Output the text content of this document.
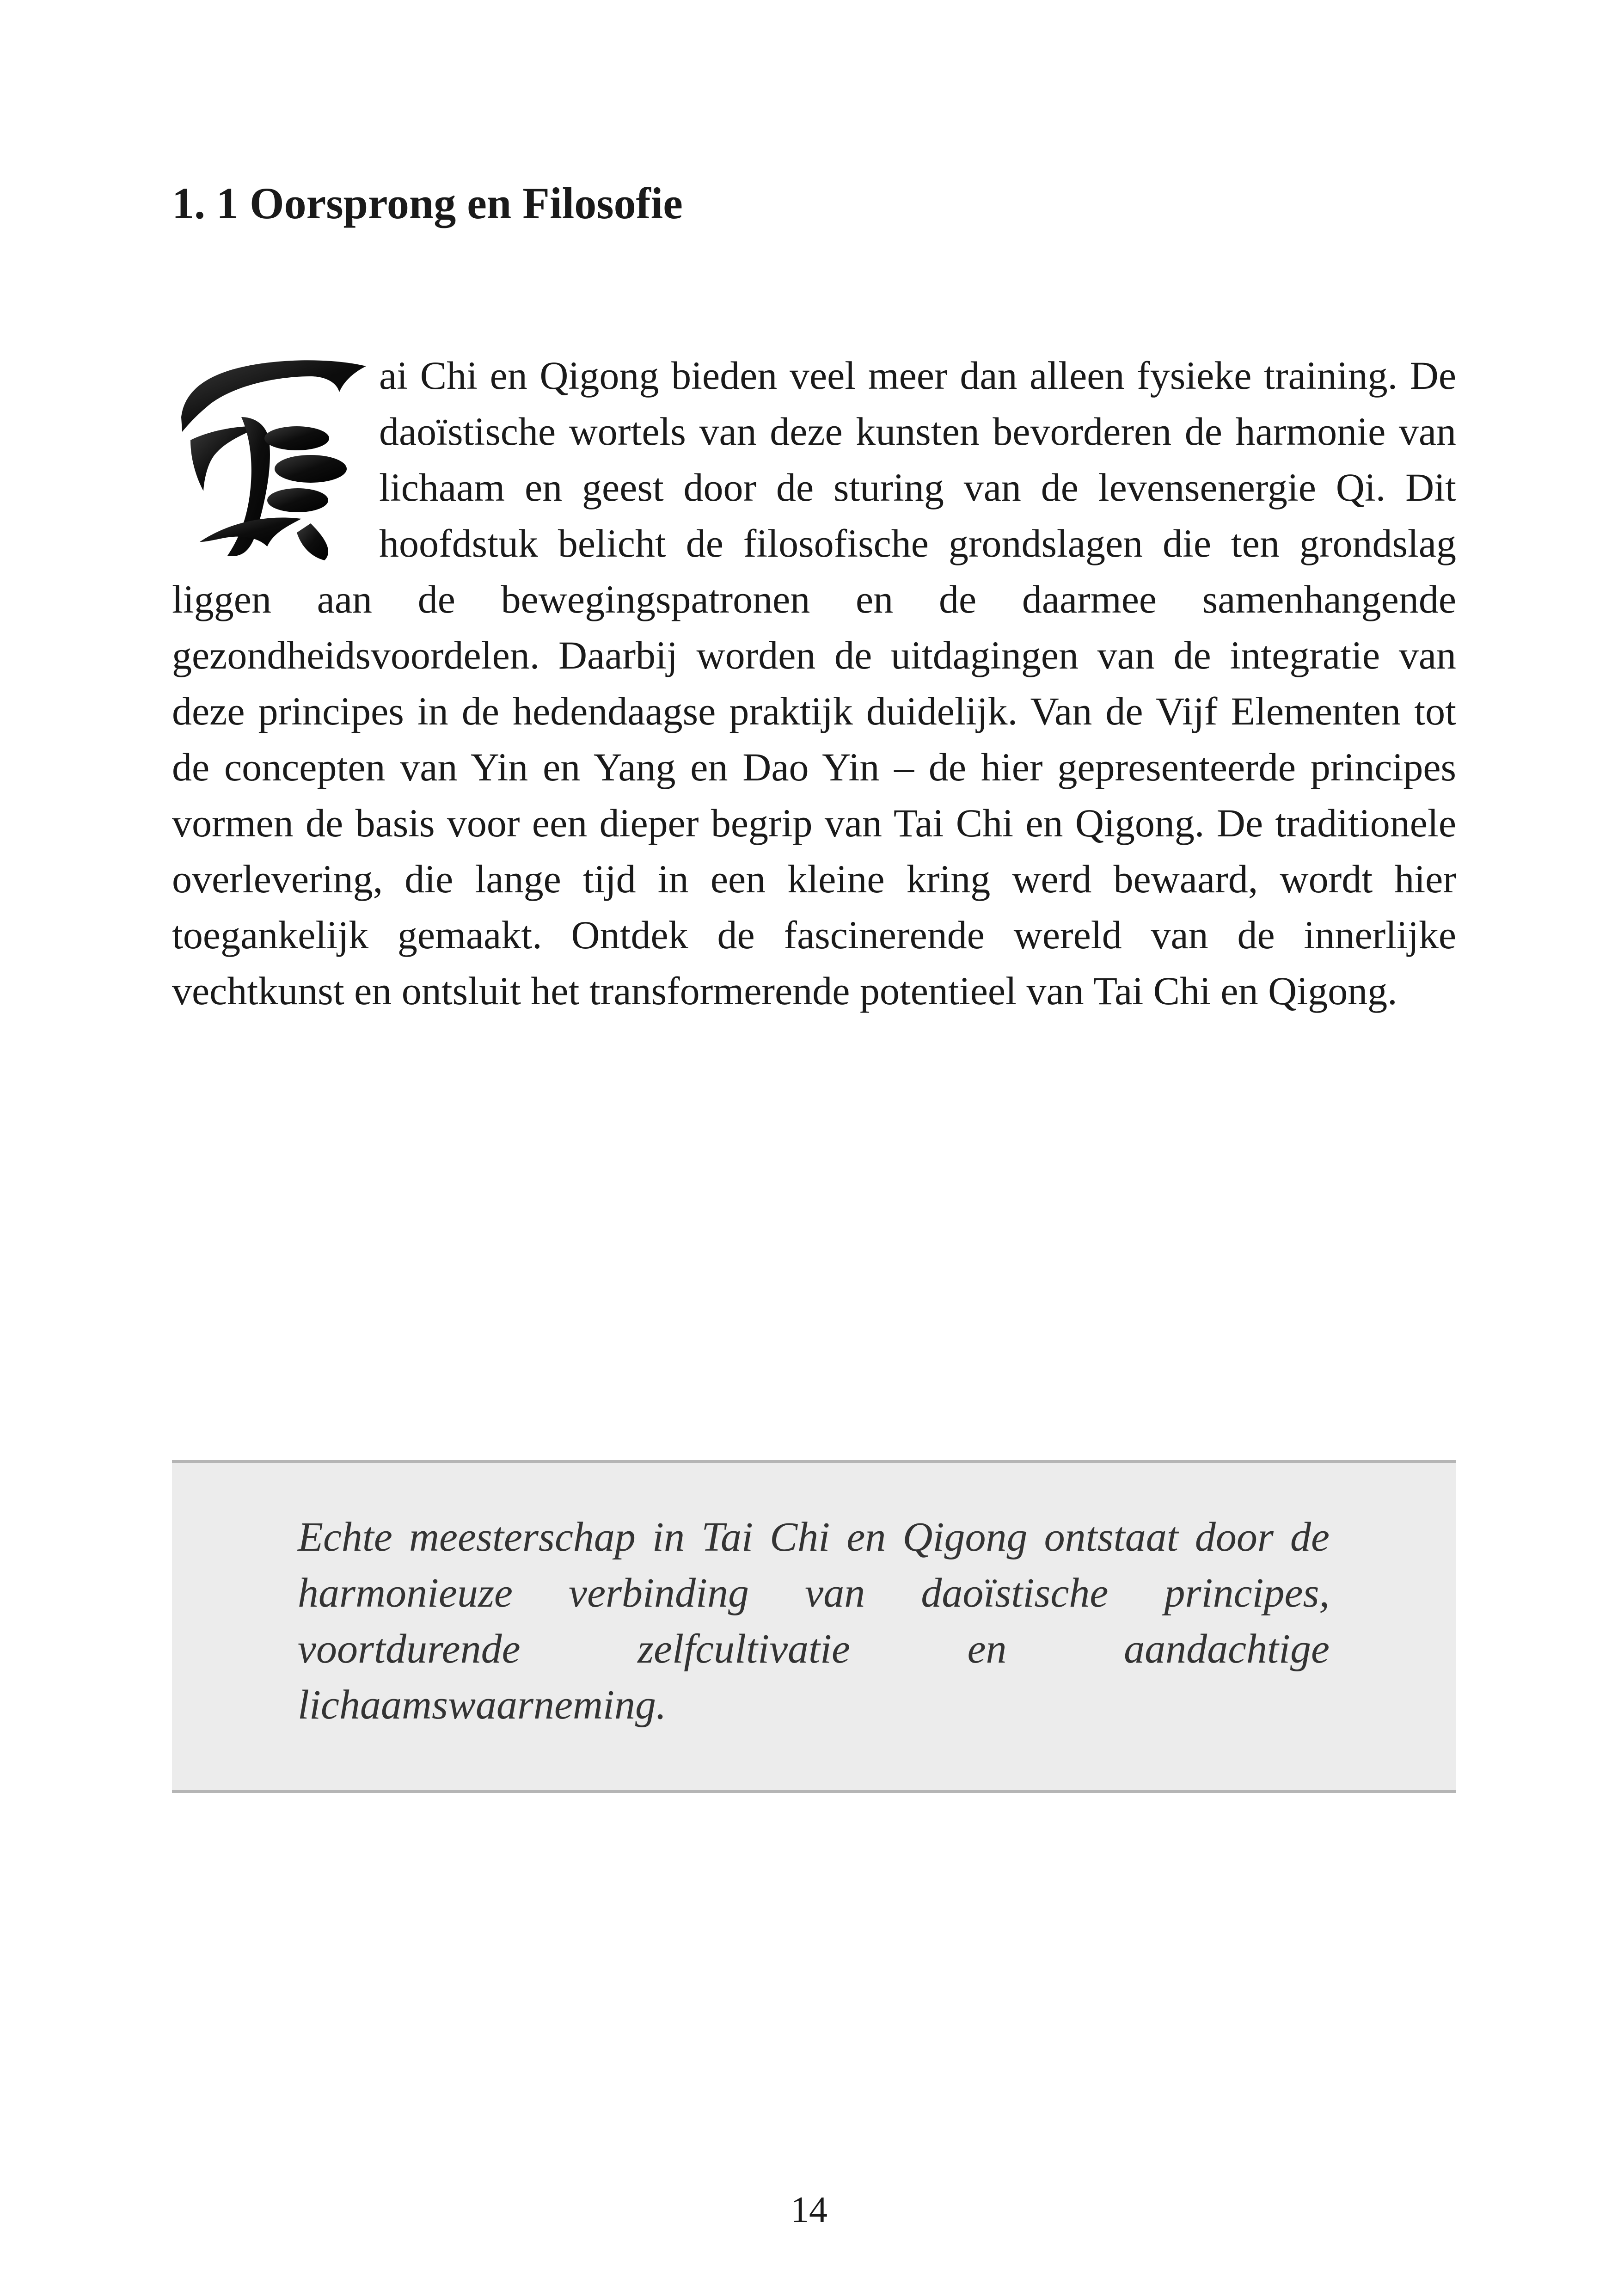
1. 1 Oorsprong en Filosofie

ai Chi en Qigong bieden veel meer dan alleen fysieke training. De daoïstische wortels van deze kunsten bevorderen de harmonie van lichaam en geest door de sturing van de levensenergie Qi. Dit hoofdstuk belicht de filosofische grondslagen die ten grondslag liggen aan de bewegingspatronen en de daarmee samenhangende gezondheidsvoordelen. Daarbij worden de uitdagingen van de integratie van deze principes in de hedendaagse praktijk duidelijk. Van de Vijf Elementen tot de concepten van Yin en Yang en Dao Yin – de hier gepresenteerde principes vormen de basis voor een dieper begrip van Tai Chi en Qigong. De traditionele overlevering, die lange tijd in een kleine kring werd bewaard, wordt hier toegankelijk gemaakt. Ontdek de fascinerende wereld van de innerlijke vechtkunst en ontsluit het transformerende potentieel van Tai Chi en Qigong.

Echte meesterschap in Tai Chi en Qigong ontstaat door de harmonieuze verbinding van daoïstische principes, voortdurende zelfcultivatie en aandachtige lichaamswaarneming.

14
